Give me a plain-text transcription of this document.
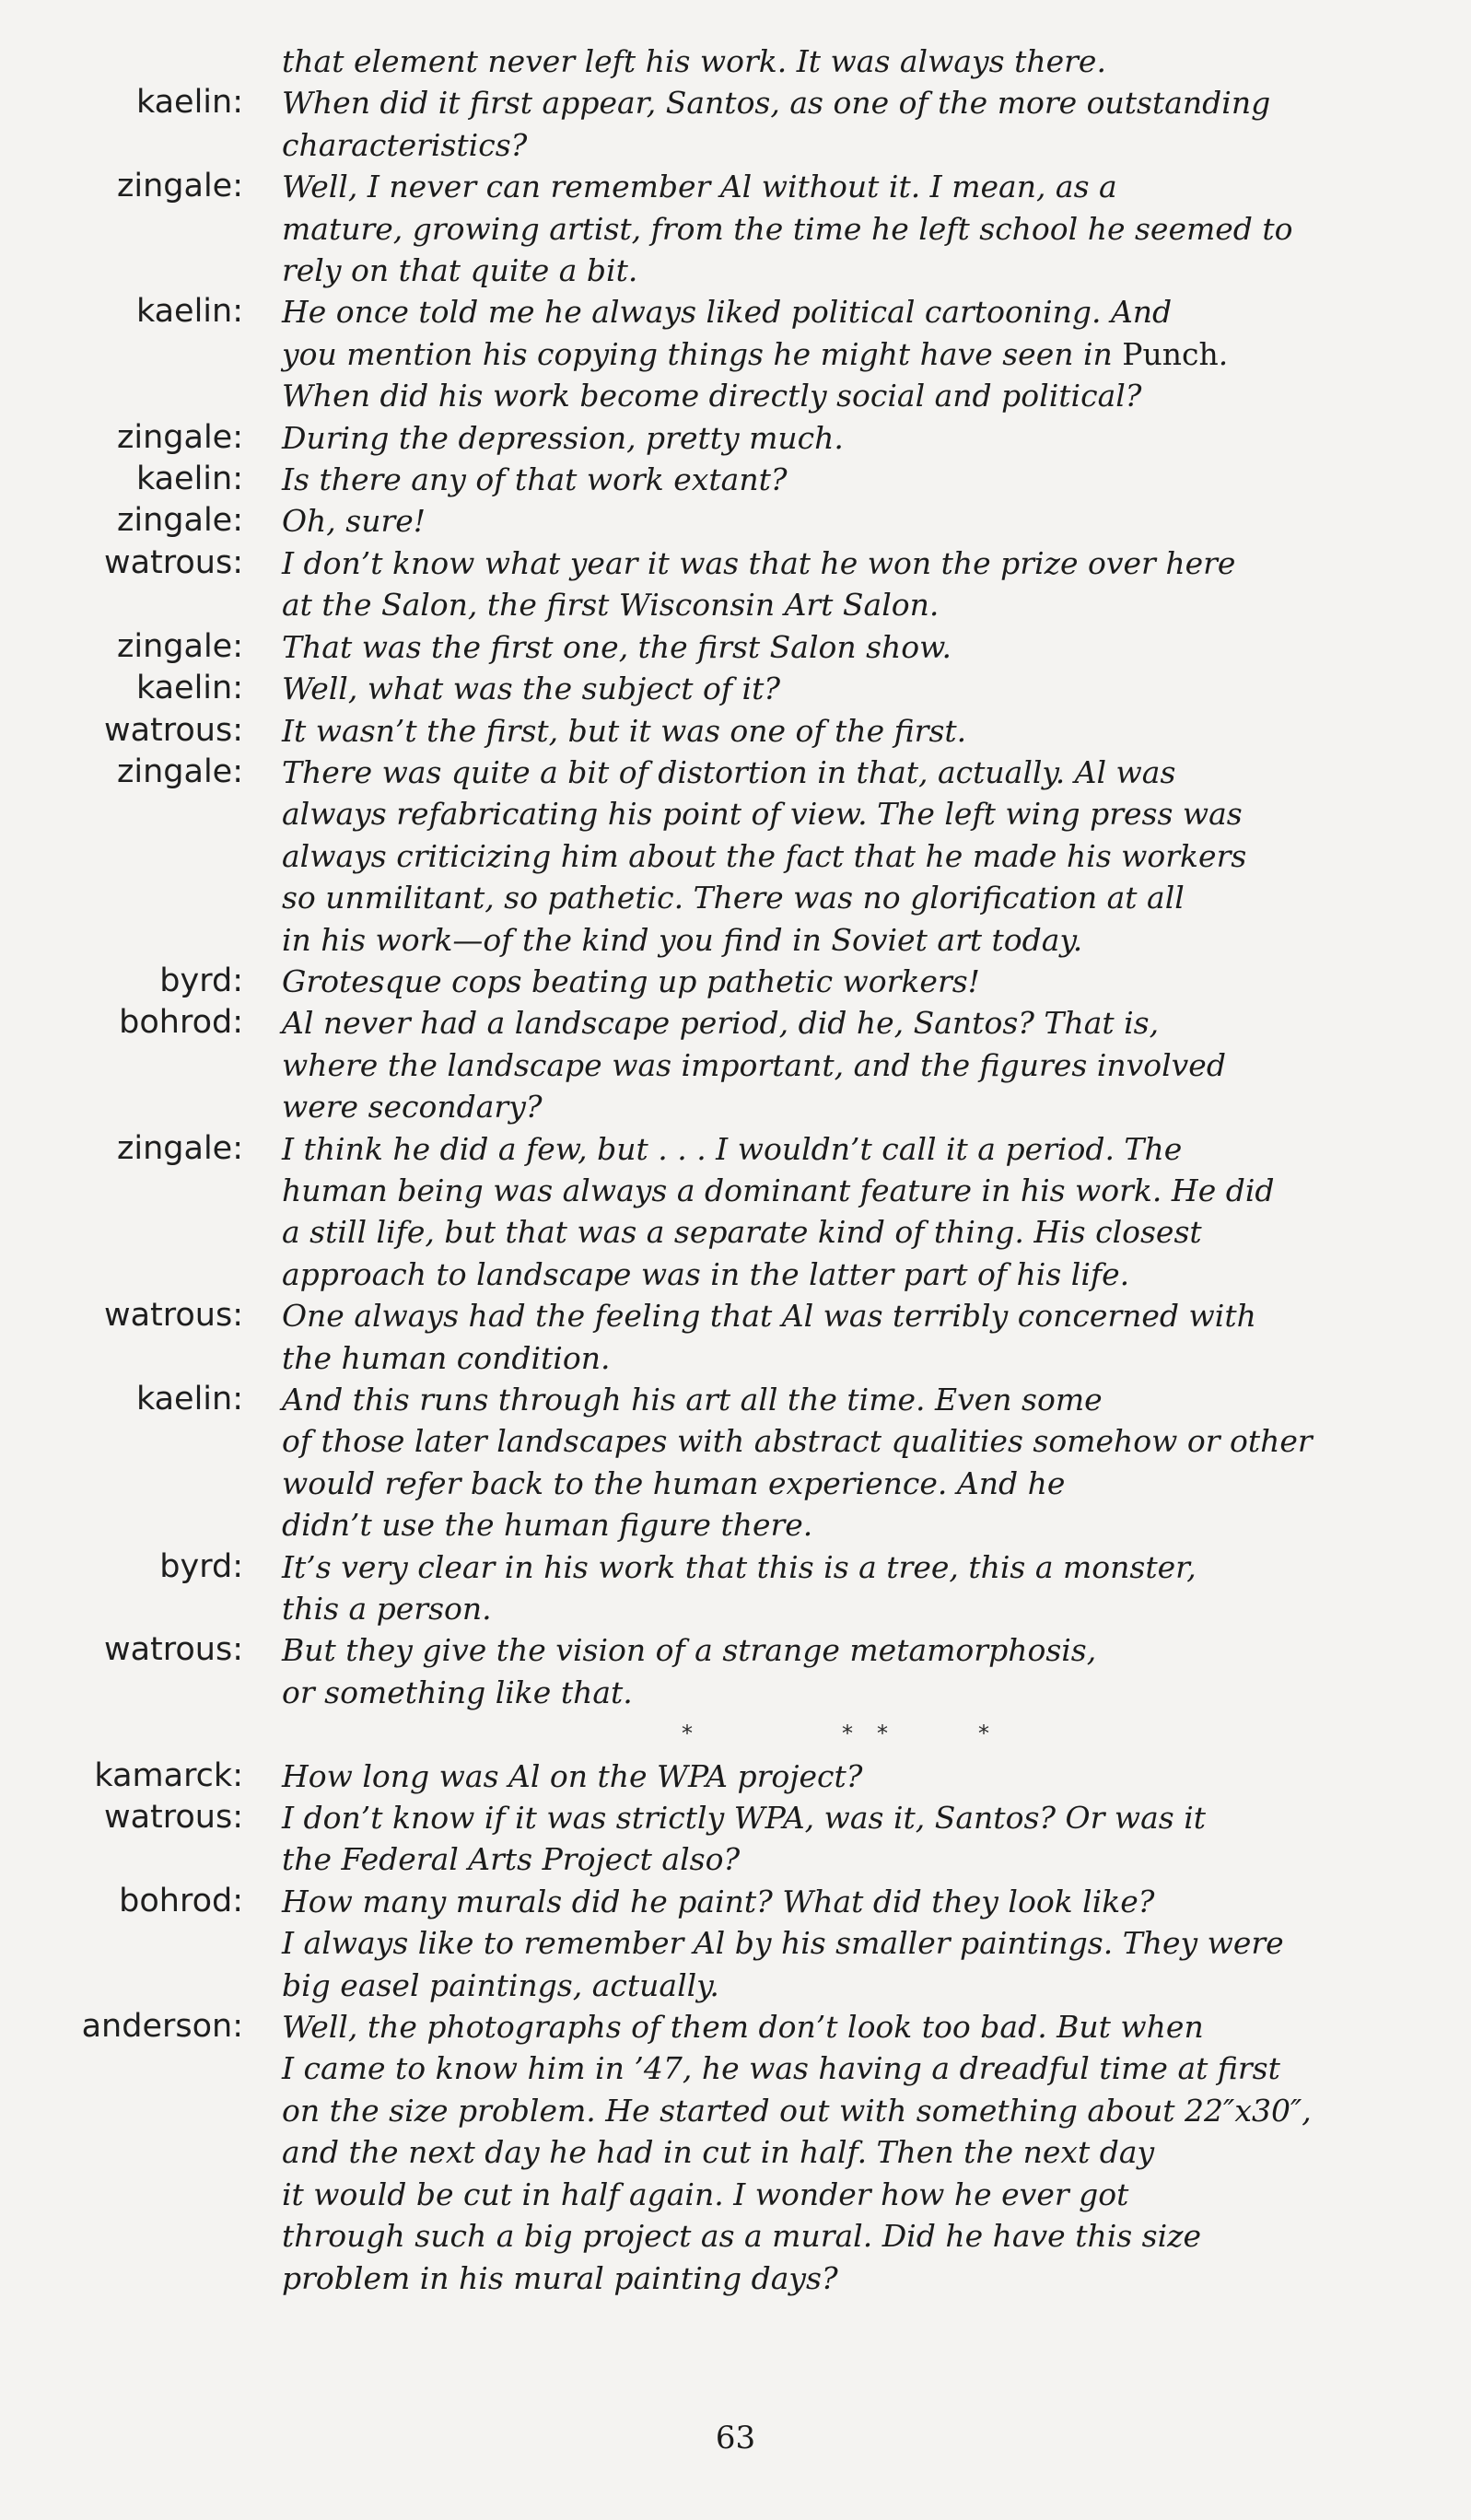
that element never left his work. It was always there.
kaelin: When did it first appear, Santos, as one of the more outstanding
characteristics?
zingale: Well, I never can remember Al without it. I mean, as a
mature, growing artist, from the time he left school he seemed to
rely on that quite a bit.
kaelin: He once told me he always liked political cartooning. And
you mention his copying things he might have seen in Punch.
When did his work become directly social and political?
zingale: During the depression, pretty much.
kaelin: Is there any of that work extant?
zingale: Oh, sure!
watrous: I don’t know what year it was that he won the prize over here
at the Salon, the first Wisconsin Art Salon.
zingale: That was the first one, the first Salon show.
kaelin: Well, what was the subject of it?
watrous: It wasn’t the first, but it was one of the first.
zingale: There was quite a bit of distortion in that, actually. Al was
always refabricating his point of view. The left wing press was
always criticizing him about the fact that he made his workers
so unmilitant, so pathetic. There was no glorification at all
in his work—of the kind you find in Soviet art today.
byrd: Grotesque cops beating up pathetic workers!
bohrod: Al never had a landscape period, did he, Santos? That is,
where the landscape was important, and the figures involved
were secondary?
zingale: I think he did a few, but . . . I wouldn’t call it a period. The
human being was always a dominant feature in his work. He did
a still life, but that was a separate kind of thing. His closest
approach to landscape was in the latter part of his life.
watrous: One always had the feeling that Al was terribly concerned with
the human condition.
kaelin: And this runs through his art all the time. Even some
of those later landscapes with abstract qualities somehow or other
would refer back to the human experience. And he
didn’t use the human figure there.
byrd: It’s very clear in his work that this is a tree, this a monster,
this a person.
watrous: But they give the vision of a strange metamorphosis,
or something like that.
*	* *	*
kamarck: How long was Al on the WPA project?
watrous: I don’t know if it was strictly WPA, was it, Santos? Or was it
the Federal Arts Project also?
bohrod: How many murals did he paint? What did they look like?
I always like to remember Al by his smaller paintings. They were
big easel paintings, actually.
anderson: Well, the photographs of them don’t look too bad. But when
I came to know him in ’47, he was having a dreadful time at first
on the size problem. He started out with something about 22″x30″,
and the next day he had in cut in half. Then the next day
it would be cut in half again. I wonder how he ever got
through such a big project as a mural. Did he have this size
problem in his mural painting days?
63
